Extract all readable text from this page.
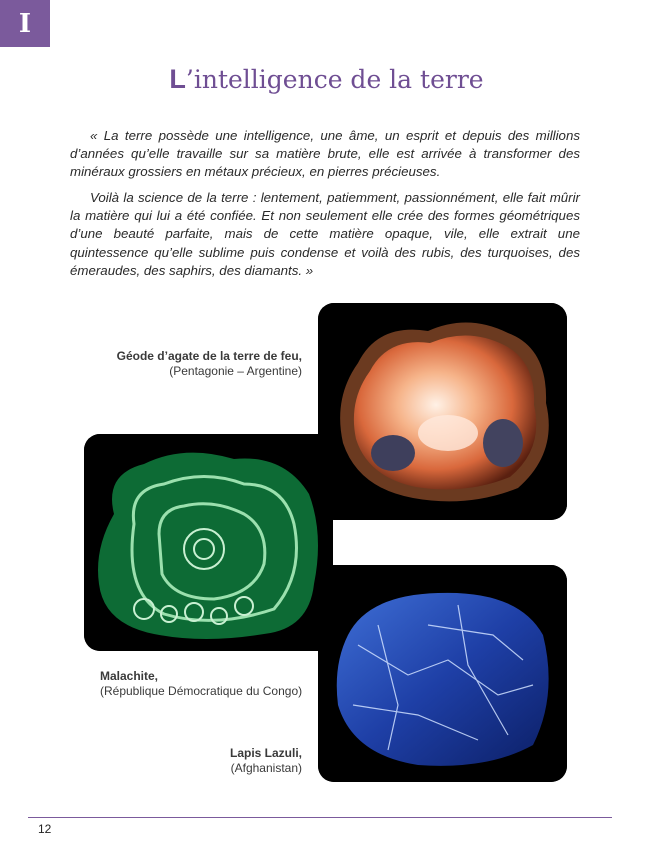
I
L’intelligence de la terre

« La terre possède une intelligence, une âme, un esprit et depuis des millions d’années qu’elle travaille sur sa matière brute, elle est arrivée à transformer des minéraux grossiers en métaux précieux, en pierres précieuses.

Voilà la science de la terre : lentement, patiemment, passionnément, elle fait mûrir la matière qui lui a été confiée. Et non seulement elle crée des formes géométriques d’une beauté parfaite, mais de cette matière opaque, vile, elle extrait une quintessence qu’elle sublime puis condense et voilà des rubis, des turquoises, des émeraudes, des saphirs, des diamants. »

Géode d’agate de la terre de feu,
(Pentagonie – Argentine)
Malachite,
(République Démocratique du Congo)
Lapis Lazuli,
(Afghanistan)
12
